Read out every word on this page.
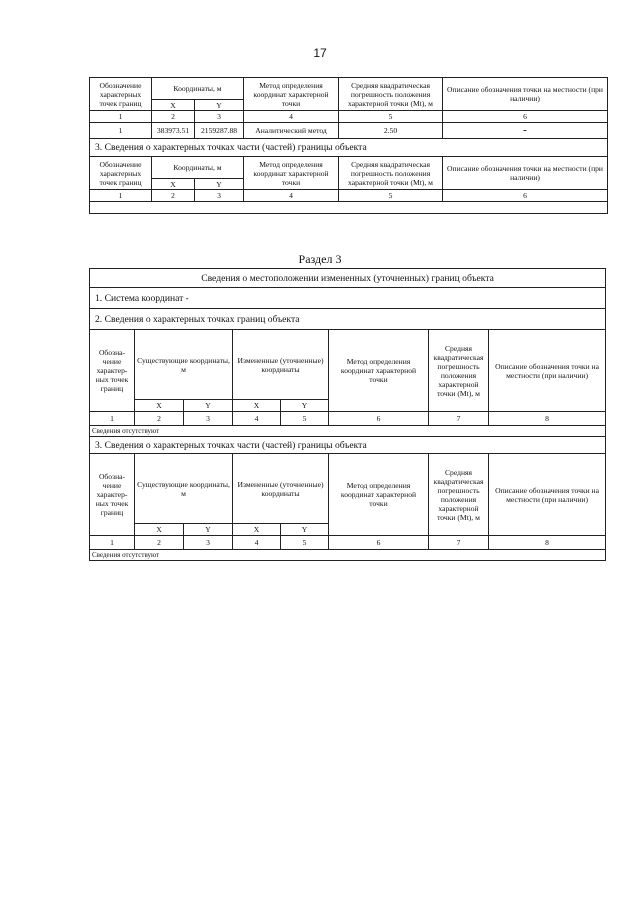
17
Обозначение характерных точек границ	Координаты, м		Метод определения координат характерной точки	Средняя квадратическая погрешность положения характерной точки (Mt), м	Описание обозначения точки на местности (при наличии)
	X	Y			
1	2	3	4	5	6
1	383973.51	2159287.88	Аналитический метод	2.50	-
3. Сведения о характерных точках части (частей) границы объекта					
Обозначение характерных точек границ	Координаты, м		Метод определения координат характерной точки	Средняя квадратическая погрешность положения характерной точки (Mt), м	Описание обозначения точки на местности (при наличии)
	X	Y			
1	2	3	4	5	6

Раздел 3
Сведения о местоположении измененных (уточненных) границ объекта							
1. Система координат -							
2. Сведения о характерных точках границ объекта							
Обозна-чение характер-ных точек границ	Существующие координаты, м		Измененные (уточненные) координаты		Метод определения координат характерной точки	Средняя квадратическая погрешность положения характерной точки (Mt), м	Описание обозначения точки на местности (при наличии)
	X	Y	X	Y			
1	2	3	4	5	6	7	8
Сведения отсутствуют							
3. Сведения о характерных точках части (частей) границы объекта							
Обозна-чение характер-ных точек границ	Существующие координаты, м		Измененные (уточненные) координаты		Метод определения координат характерной точки	Средняя квадратическая погрешность положения характерной точки (Mt), м	Описание обозначения точки на местности (при наличии)
	X	Y	X	Y			
1	2	3	4	5	6	7	8
Сведения отсутствуют							
